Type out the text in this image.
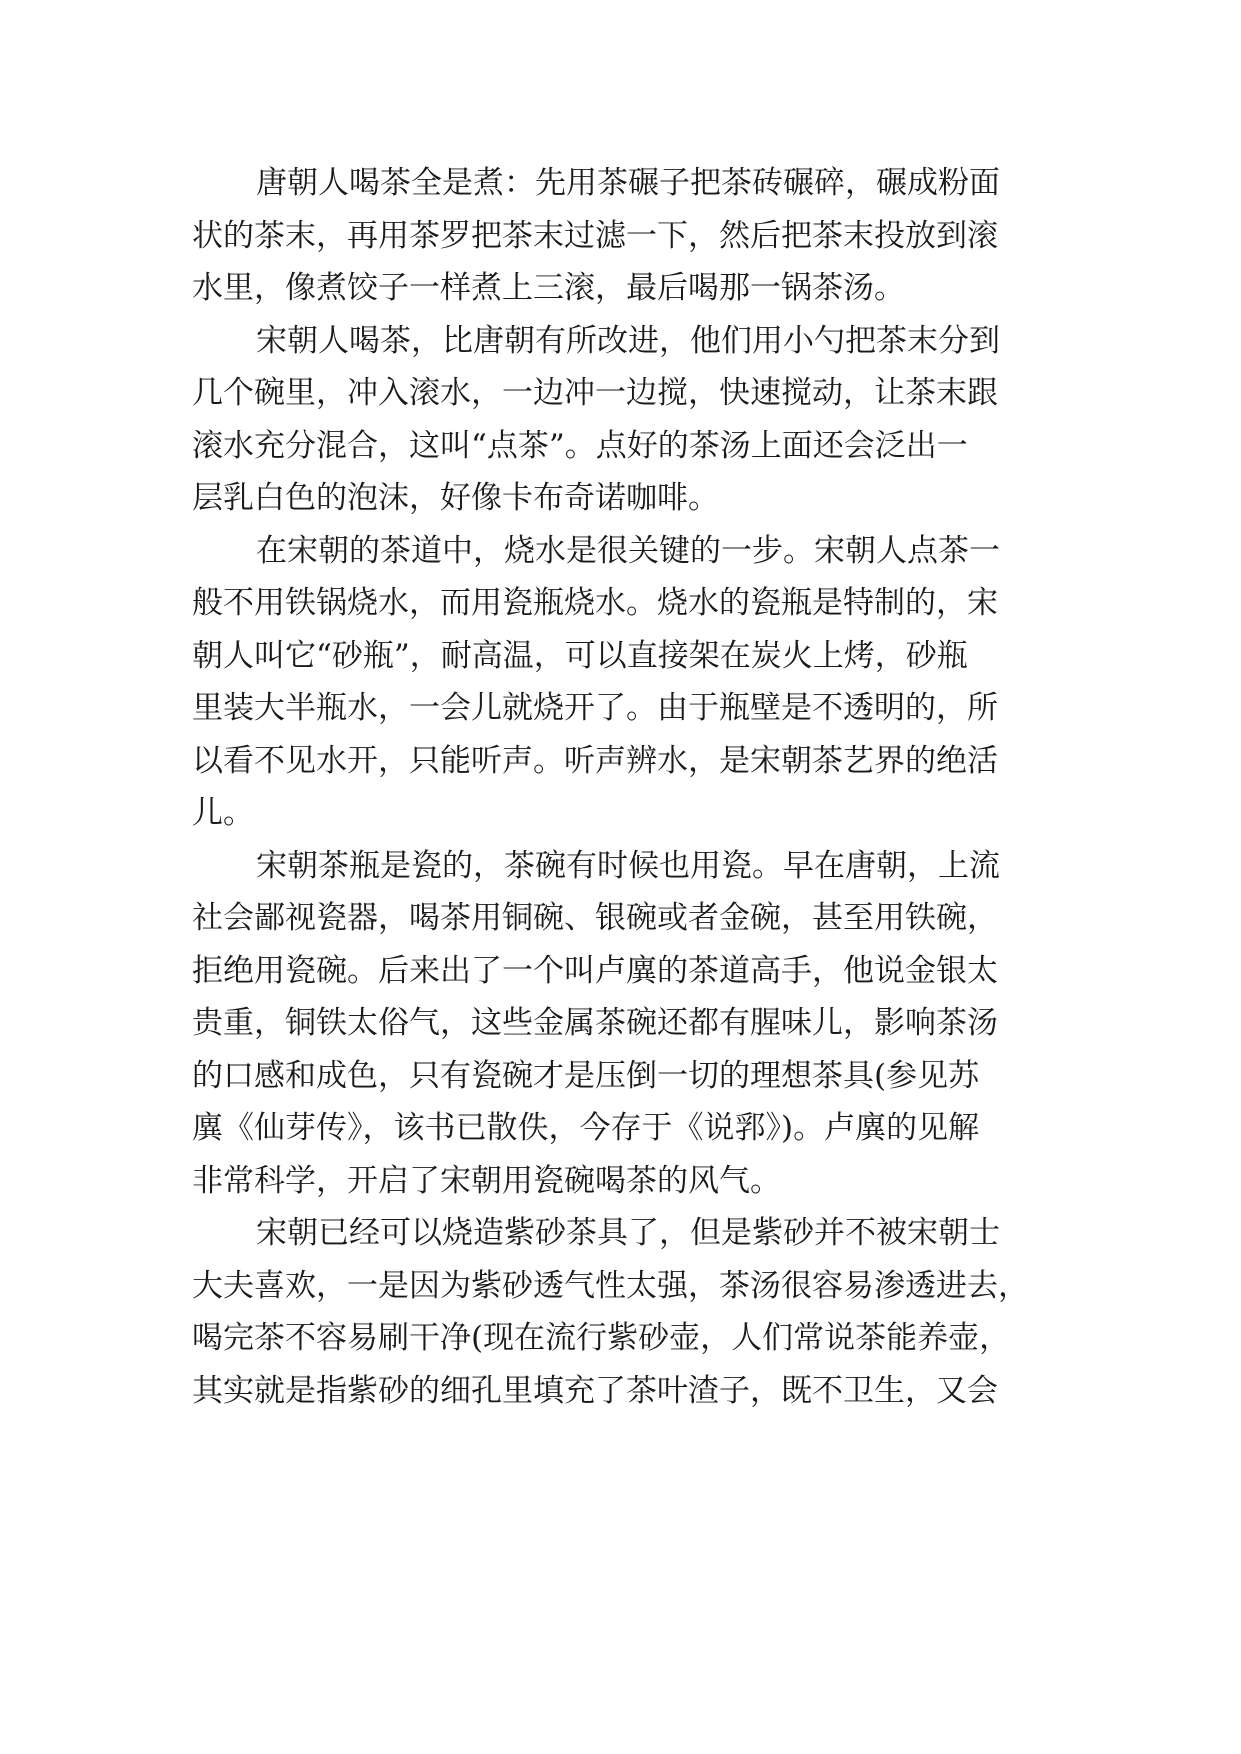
唐朝人喝茶全是煮：先用茶碾子把茶砖碾碎，碾成粉面
状的茶末，再用茶罗把茶末过滤一下，然后把茶末投放到滚
水里，像煮饺子一样煮上三滚，最后喝那一锅茶汤。
宋朝人喝茶，比唐朝有所改进，他们用小勺把茶末分到
几个碗里，冲入滚水，一边冲一边搅，快速搅动，让茶末跟
滚水充分混合，这叫“点茶”。点好的茶汤上面还会泛出一
层乳白色的泡沫，好像卡布奇诺咖啡。
在宋朝的茶道中，烧水是很关键的一步。宋朝人点茶一
般不用铁锅烧水，而用瓷瓶烧水。烧水的瓷瓶是特制的，宋
朝人叫它“砂瓶”，耐高温，可以直接架在炭火上烤，砂瓶
里装大半瓶水，一会儿就烧开了。由于瓶壁是不透明的，所
以看不见水开，只能听声。听声辨水，是宋朝茶艺界的绝活
儿。
宋朝茶瓶是瓷的，茶碗有时候也用瓷。早在唐朝，上流
社会鄙视瓷器，喝茶用铜碗、银碗或者金碗，甚至用铁碗，
拒绝用瓷碗。后来出了一个叫卢廙的茶道高手，他说金银太
贵重，铜铁太俗气，这些金属茶碗还都有腥味儿，影响茶汤
的口感和成色，只有瓷碗才是压倒一切的理想茶具(参见苏
廙《仙芽传》，该书已散佚，今存于《说郛》)。卢廙的见解
非常科学，开启了宋朝用瓷碗喝茶的风气。
宋朝已经可以烧造紫砂茶具了，但是紫砂并不被宋朝士
大夫喜欢，一是因为紫砂透气性太强，茶汤很容易渗透进去，
喝完茶不容易刷干净(现在流行紫砂壶，人们常说茶能养壶，
其实就是指紫砂的细孔里填充了茶叶渣子，既不卫生，又会
